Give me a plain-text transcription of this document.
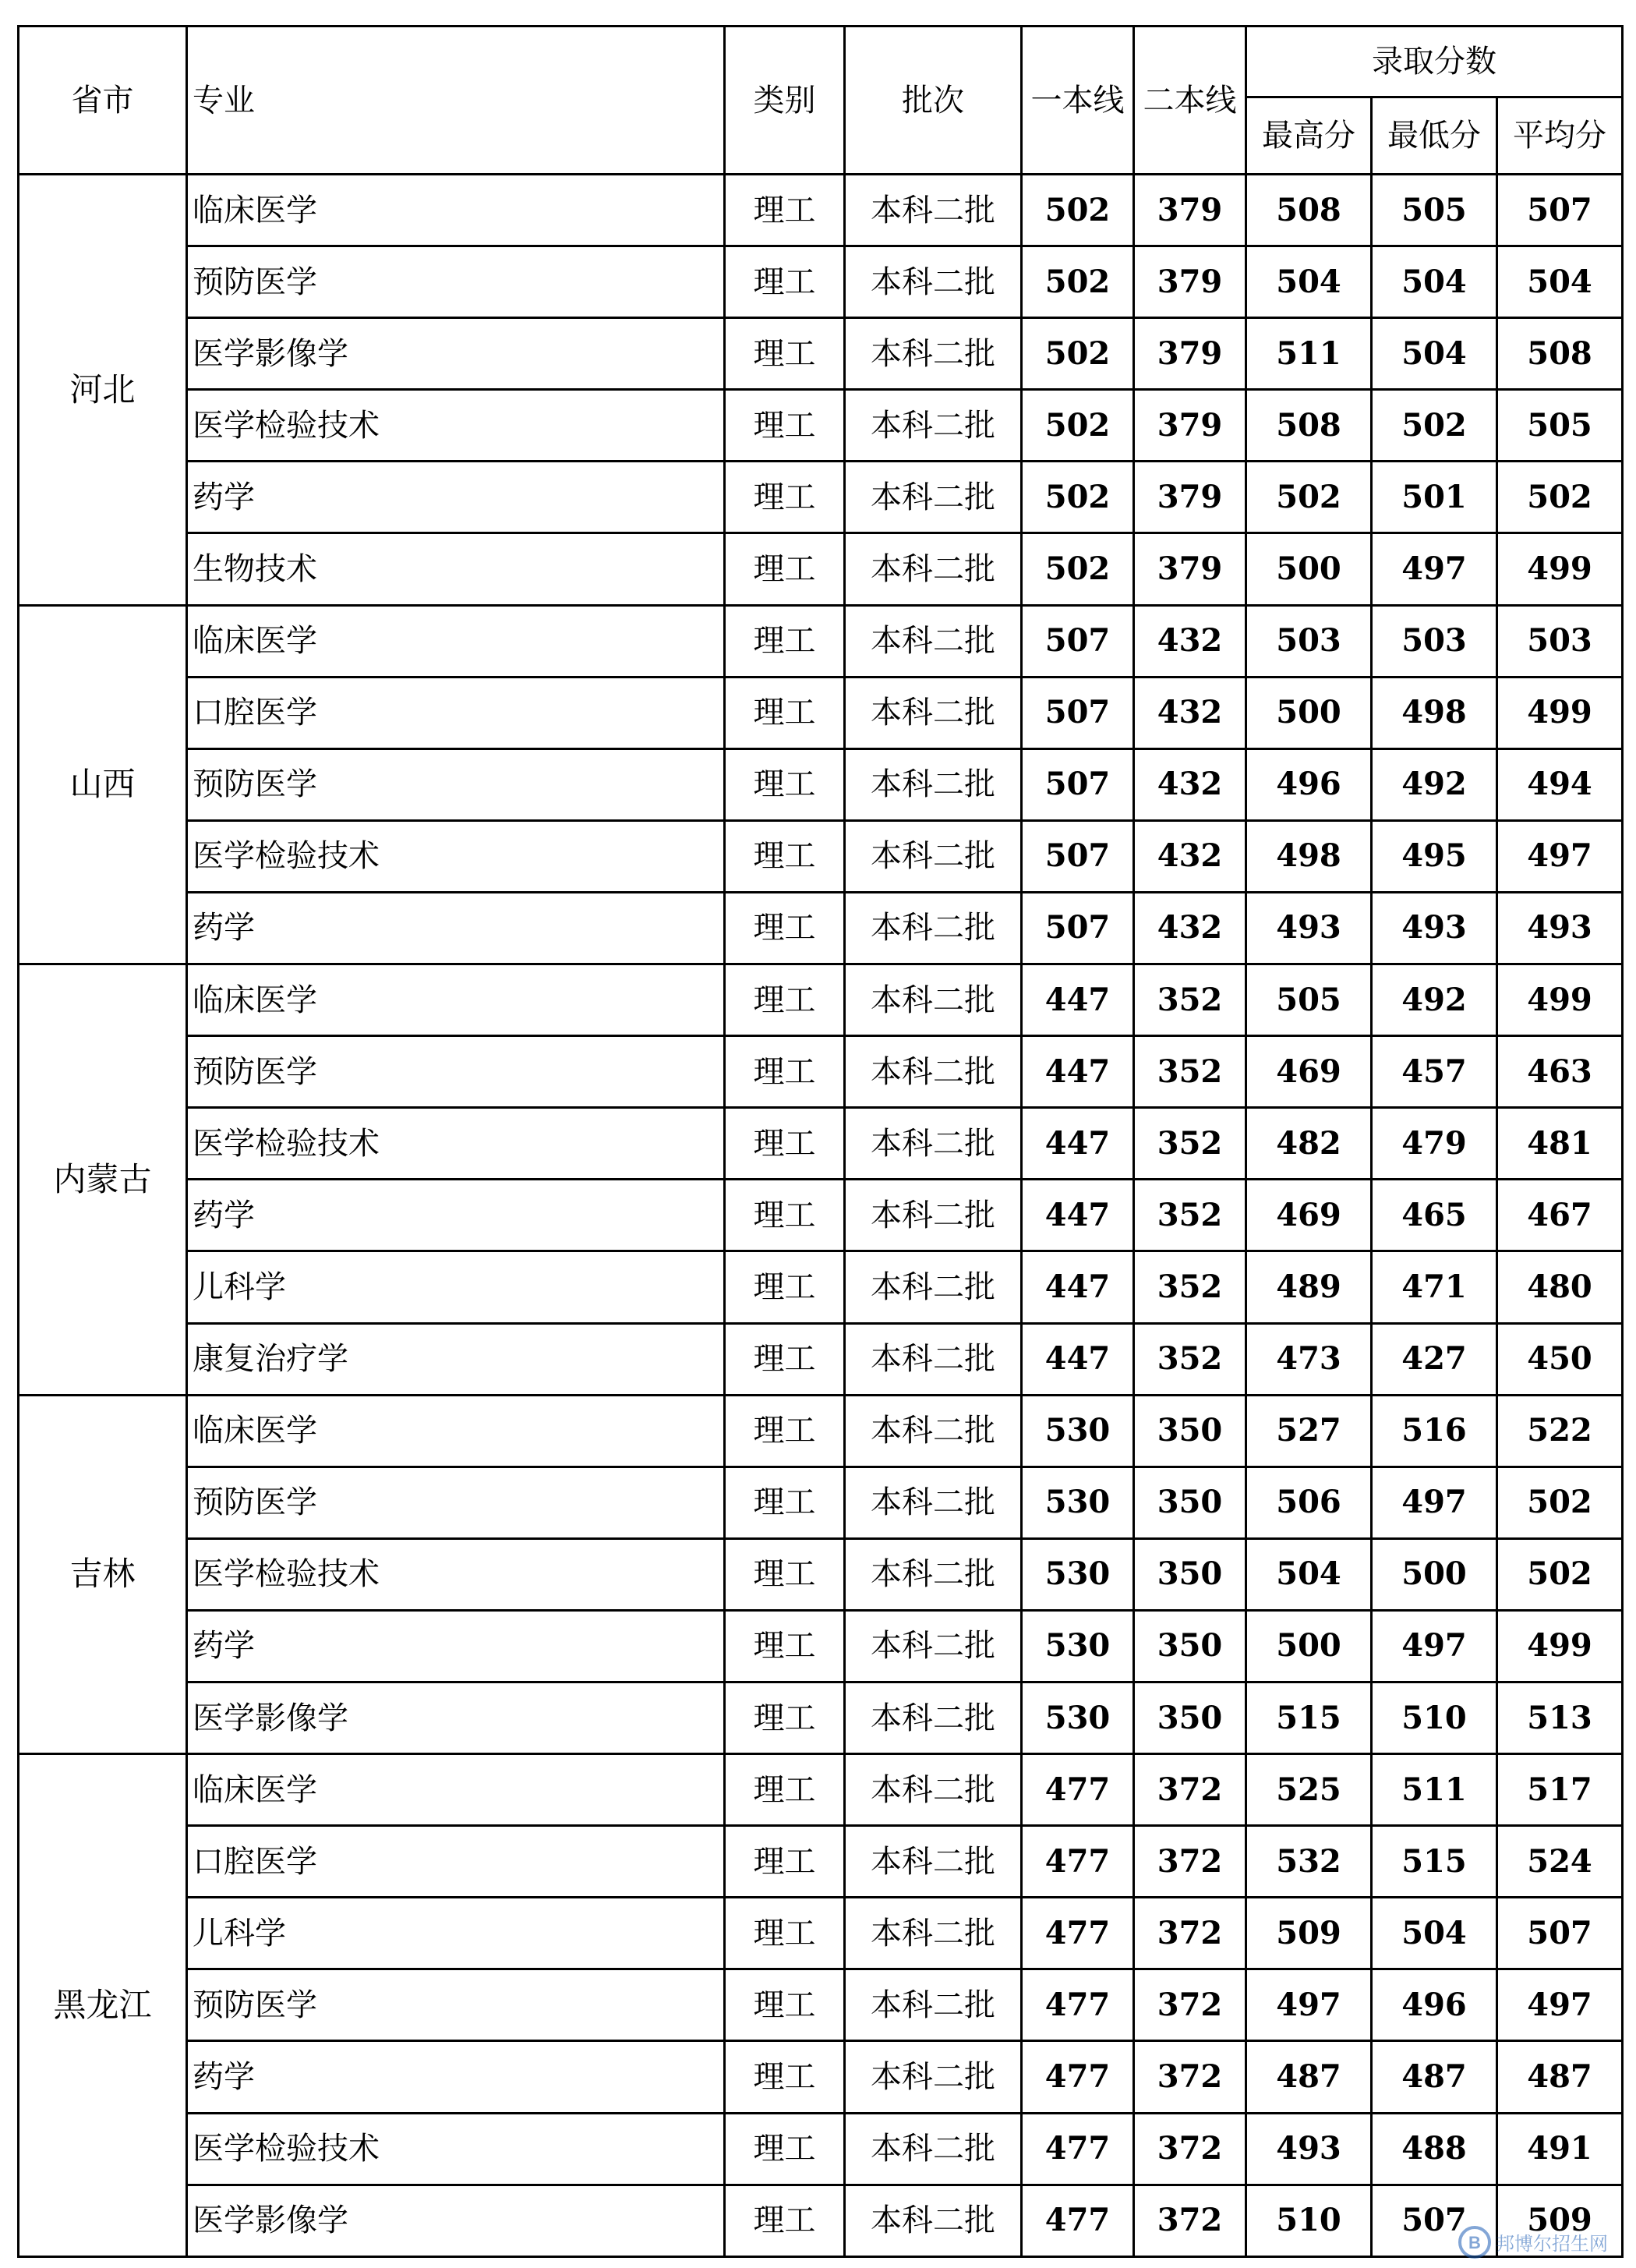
省市	专业	类别	批次	一本线	二本线	录取分数		
						最高分	最低分	平均分
河北	临床医学	理工	本科二批	502	379	508	505	507
	预防医学	理工	本科二批	502	379	504	504	504
	医学影像学	理工	本科二批	502	379	511	504	508
	医学检验技术	理工	本科二批	502	379	508	502	505
	药学	理工	本科二批	502	379	502	501	502
	生物技术	理工	本科二批	502	379	500	497	499
山西	临床医学	理工	本科二批	507	432	503	503	503
	口腔医学	理工	本科二批	507	432	500	498	499
	预防医学	理工	本科二批	507	432	496	492	494
	医学检验技术	理工	本科二批	507	432	498	495	497
	药学	理工	本科二批	507	432	493	493	493
内蒙古	临床医学	理工	本科二批	447	352	505	492	499
	预防医学	理工	本科二批	447	352	469	457	463
	医学检验技术	理工	本科二批	447	352	482	479	481
	药学	理工	本科二批	447	352	469	465	467
	儿科学	理工	本科二批	447	352	489	471	480
	康复治疗学	理工	本科二批	447	352	473	427	450
吉林	临床医学	理工	本科二批	530	350	527	516	522
	预防医学	理工	本科二批	530	350	506	497	502
	医学检验技术	理工	本科二批	530	350	504	500	502
	药学	理工	本科二批	530	350	500	497	499
	医学影像学	理工	本科二批	530	350	515	510	513
黑龙江	临床医学	理工	本科二批	477	372	525	511	517
	口腔医学	理工	本科二批	477	372	532	515	524
	儿科学	理工	本科二批	477	372	509	504	507
	预防医学	理工	本科二批	477	372	497	496	497
	药学	理工	本科二批	477	372	487	487	487
	医学检验技术	理工	本科二批	477	372	493	488	491
	医学影像学	理工	本科二批	477	372	510	507	509
B 邦博尔招生网
